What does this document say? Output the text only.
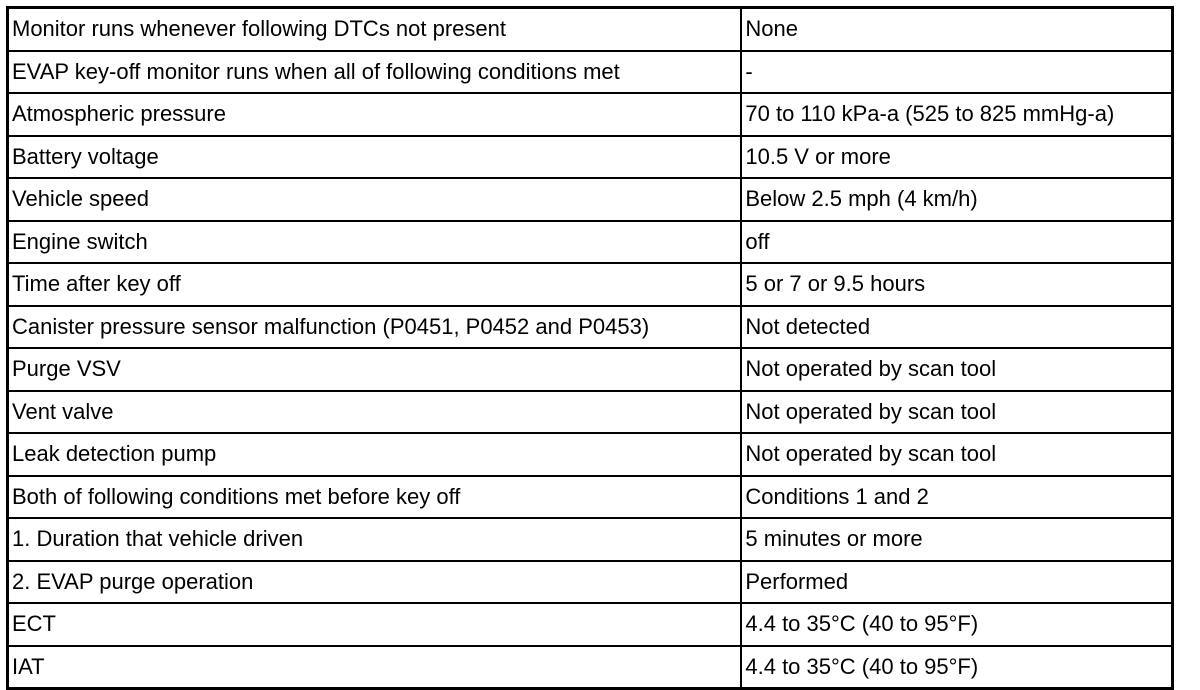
Monitor runs whenever following DTCs not present	None
EVAP key-off monitor runs when all of following conditions met	-
Atmospheric pressure	70 to 110 kPa-a (525 to 825 mmHg-a)
Battery voltage	10.5 V or more
Vehicle speed	Below 2.5 mph (4 km/h)
Engine switch	off
Time after key off	5 or 7 or 9.5 hours
Canister pressure sensor malfunction (P0451, P0452 and P0453)	Not detected
Purge VSV	Not operated by scan tool
Vent valve	Not operated by scan tool
Leak detection pump	Not operated by scan tool
Both of following conditions met before key off	Conditions 1 and 2
1. Duration that vehicle driven	5 minutes or more
2. EVAP purge operation	Performed
ECT	4.4 to 35°C (40 to 95°F)
IAT	4.4 to 35°C (40 to 95°F)
